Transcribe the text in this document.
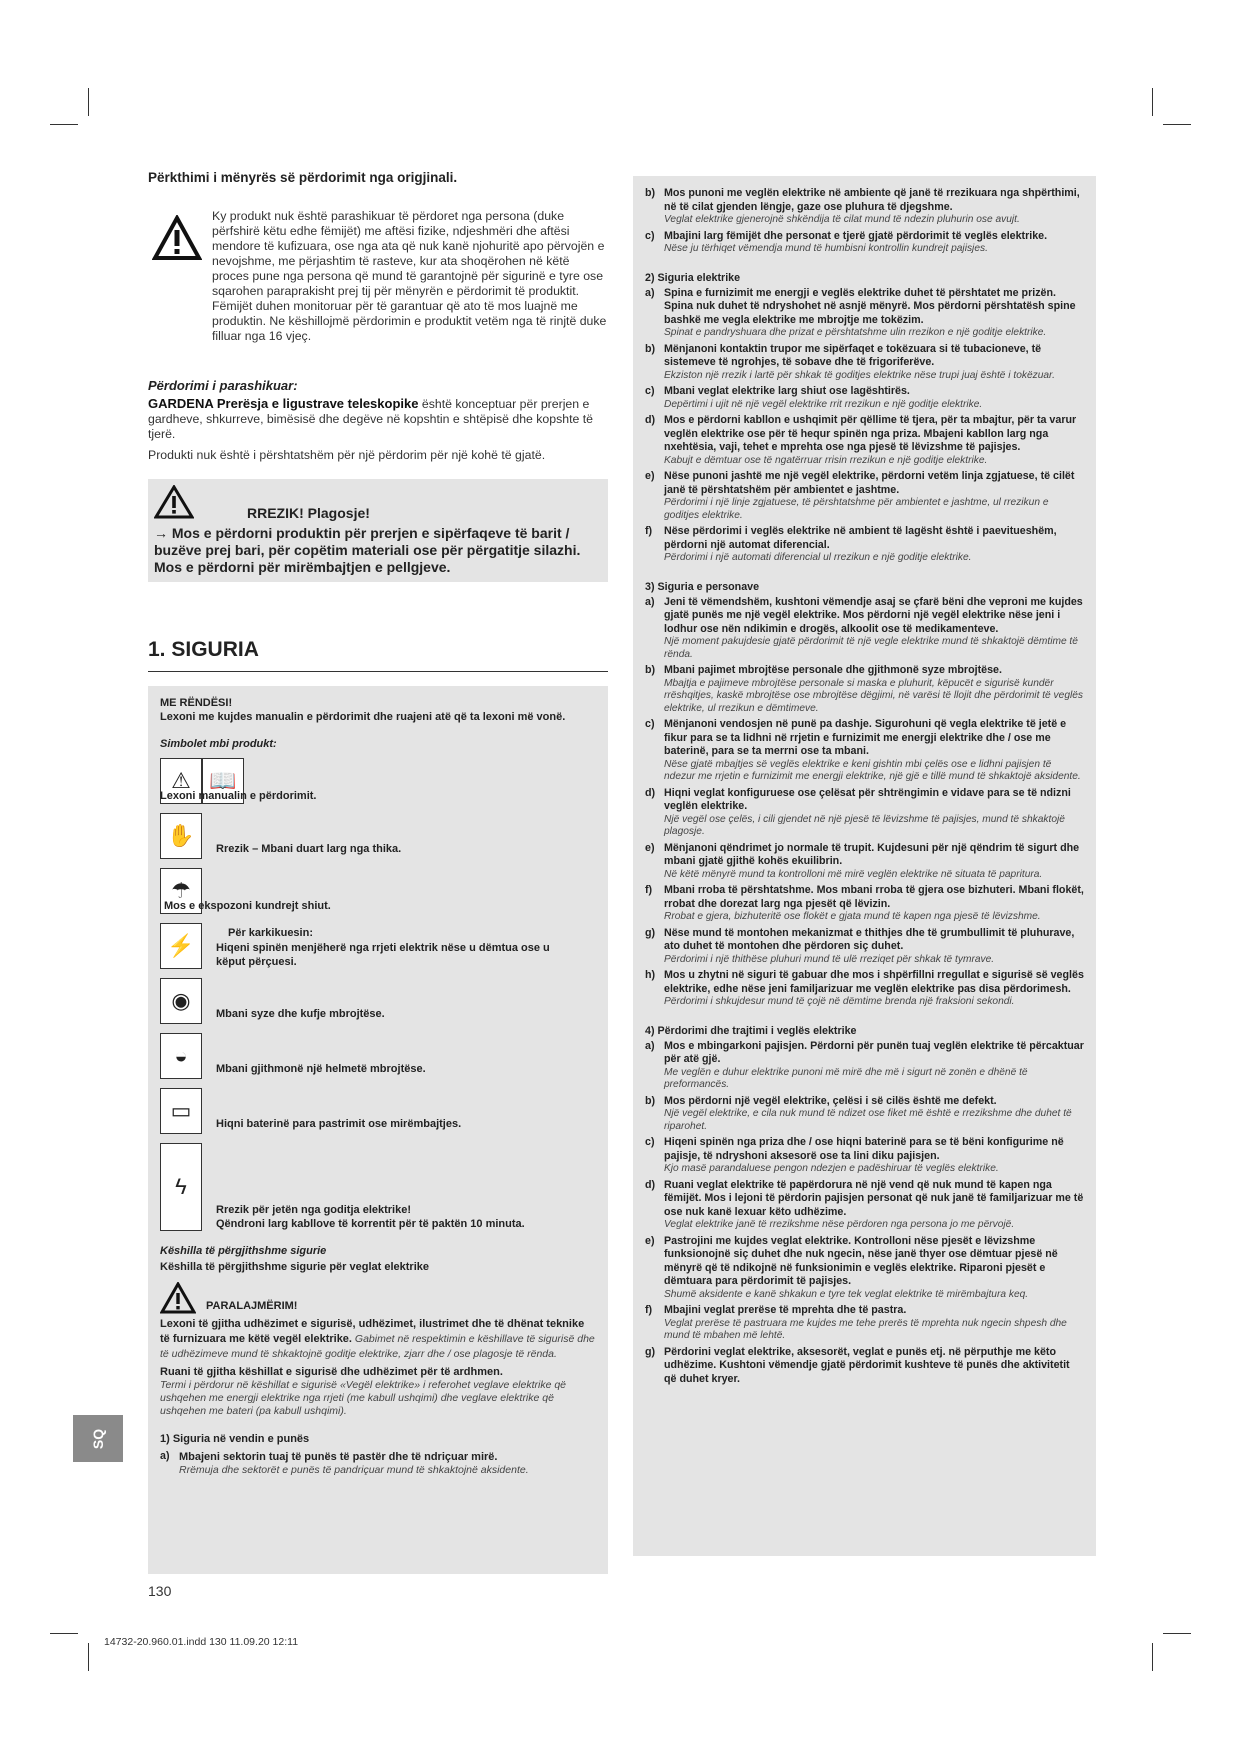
Përkthimi i mënyrës së përdorimit nga origjinali.
Ky produkt nuk është parashikuar të përdoret nga persona (duke përfshirë këtu edhe fëmijët) me aftësi fizike, ndjeshmëri dhe aftësi mendore të kufizuara, ose nga ata që nuk kanë njohuritë apo përvojën e nevojshme, me përjashtim të rasteve, kur ata shoqërohen në këtë proces pune nga persona që mund të garantojnë për sigurinë e tyre ose sqarohen paraprakisht prej tij për mënyrën e përdorimit të produktit. Fëmijët duhen monitoruar për të garantuar që ato të mos luajnë me produktin. Ne këshillojmë përdorimin e produktit vetëm nga të rinjtë duke filluar nga 16 vjeç.
Përdorimi i parashikuar:
GARDENA Prerësja e ligustrave teleskopike është konceptuar për prerjen e gardheve, shkurreve, bimësisë dhe degëve në kopshtin e shtëpisë dhe kopshte të tjerë.
Produkti nuk është i përshtatshëm për një përdorim për një kohë të gjatë.
RREZIK! Plagosje!
→ Mos e përdorni produktin për prerjen e sipërfaqeve të barit / buzëve prej bari, për copëtim materiali ose për përgatitje silazhi. Mos e përdorni për mirëmbajtjen e pellgjeve.
1. SIGURIA
ME RËNDËSI!
Lexoni me kujdes manualin e përdorimit dhe ruajeni atë që ta lexoni më vonë.
Simbolet mbi produkt:
⚠ 📖
Lexoni manualin e përdorimit.
✋
Rrezik – Mbani duart larg nga thika.
☂
Mos e ekspozoni kundrejt shiut.
⚡	Për karkikuesin:
Hiqeni spinën menjëherë nga rrjeti elektrik nëse u dëmtua ose u këput përçuesi.
◉
Mbani syze dhe kufje mbrojtëse.
◒
Mbani gjithmonë një helmetë mbrojtëse.
▭
Hiqni baterinë para pastrimit ose mirëmbajtjes.
ϟ
Rrezik për jetën nga goditja elektrike!
Qëndroni larg kabllove të korrentit për të paktën 10 minuta.
Këshilla të përgjithshme sigurie
Këshilla të përgjithshme sigurie për veglat elektrike
PARALAJMËRIM!
Lexoni të gjitha udhëzimet e sigurisë, udhëzimet, ilustrimet dhe të dhënat teknike të furnizuara me këtë vegël elektrike. Gabimet në respektimin e këshillave të sigurisë dhe të udhëzimeve mund të shkaktojnë goditje elektrike, zjarr dhe / ose plagosje të rënda.
Ruani të gjitha këshillat e sigurisë dhe udhëzimet për të ardhmen.
Termi i përdorur në këshillat e sigurisë «Vegël elektrike» i referohet veglave elektrike që ushqehen me energji elektrike nga rrjeti (me kabull ushqimi) dhe veglave elektrike që ushqehen me bateri (pa kabull ushqimi).
1) Siguria në vendin e punës
a) Mbajeni sektorin tuaj të punës të pastër dhe të ndriçuar mirë.
Rrëmuja dhe sektorët e punës të pandriçuar mund të shkaktojnë aksidente.
b) Mos punoni me veglën elektrike në ambiente që janë të rrezikuara nga shpërthimi, në të cilat gjenden lëngje, gaze ose pluhura të djegshme.
Veglat elektrike gjenerojnë shkëndija të cilat mund të ndezin pluhurin ose avujt.
c) Mbajini larg fëmijët dhe personat e tjerë gjatë përdorimit të veglës elektrike.
Nëse ju tërhiqet vëmendja mund të humbisni kontrollin kundrejt pajisjes.
2) Siguria elektrike
a) Spina e furnizimit me energji e veglës elektrike duhet të përshtatet me prizën. Spina nuk duhet të ndryshohet në asnjë mënyrë. Mos përdorni përshtatësh spine bashkë me vegla elektrike me mbrojtje me tokëzim.
Spinat e pandryshuara dhe prizat e përshtatshme ulin rrezikon e një goditje elektrike.
b) Mënjanoni kontaktin trupor me sipërfaqet e tokëzuara si të tubacioneve, të sistemeve të ngrohjes, të sobave dhe të frigoriferëve.
Ekziston një rrezik i lartë për shkak të goditjes elektrike nëse trupi juaj është i tokëzuar.
c) Mbani veglat elektrike larg shiut ose lagështirës.
Depërtimi i ujit në një vegël elektrike rrit rrezikun e një goditje elektrike.
d) Mos e përdorni kabllon e ushqimit për qëllime të tjera, për ta mbajtur, për ta varur veglën elektrike ose për të hequr spinën nga priza. Mbajeni kabllon larg nga nxehtësia, vaji, tehet e mprehta ose nga pjesë të lëvizshme të pajisjes.
Kabujt e dëmtuar ose të ngatërruar rrisin rrezikun e një goditje elektrike.
e) Nëse punoni jashtë me një vegël elektrike, përdorni vetëm linja zgjatuese, të cilët janë të përshtatshëm për ambientet e jashtme.
Përdorimi i një linje zgjatuese, të përshtatshme për ambientet e jashtme, ul rrezikun e goditjes elektrike.
f) Nëse përdorimi i veglës elektrike në ambient të lagësht është i paevitueshëm, përdorni një automat diferencial.
Përdorimi i një automati diferencial ul rrezikun e një goditje elektrike.
3) Siguria e personave
a) Jeni të vëmendshëm, kushtoni vëmendje asaj se çfarë bëni dhe veproni me kujdes gjatë punës me një vegël elektrike. Mos përdorni një vegël elektrike nëse jeni i lodhur ose nën ndikimin e drogës, alkoolit ose të medikamenteve.
Një moment pakujdesie gjatë përdorimit të një vegle elektrike mund të shkaktojë dëmtime të rënda.
b) Mbani pajimet mbrojtëse personale dhe gjithmonë syze mbrojtëse.
Mbajtja e pajimeve mbrojtëse personale si maska e pluhurit, këpucët e sigurisë kundër rrëshqitjes, kaskë mbrojtëse ose mbrojtëse dëgjimi, në varësi të llojit dhe përdorimit të veglës elektrike, ul rrezikun e dëmtimeve.
c) Mënjanoni vendosjen në punë pa dashje. Sigurohuni që vegla elektrike të jetë e fikur para se ta lidhni në rrjetin e furnizimit me energji elektrike dhe / ose me baterinë, para se ta merrni ose ta mbani.
Nëse gjatë mbajtjes së veglës elektrike e keni gishtin mbi çelës ose e lidhni pajisjen të ndezur me rrjetin e furnizimit me energji elektrike, një gjë e tillë mund të shkaktojë aksidente.
d) Hiqni veglat konfiguruese ose çelësat për shtrëngimin e vidave para se të ndizni veglën elektrike.
Një vegël ose çelës, i cili gjendet në një pjesë të lëvizshme të pajisjes, mund të shkaktojë plagosje.
e) Mënjanoni qëndrimet jo normale të trupit. Kujdesuni për një qëndrim të sigurt dhe mbani gjatë gjithë kohës ekuilibrin.
Në këtë mënyrë mund ta kontrolloni më mirë veglën elektrike në situata të papritura.
f) Mbani rroba të përshtatshme. Mos mbani rroba të gjera ose bizhuteri. Mbani flokët, rrobat dhe dorezat larg nga pjesët që lëvizin.
Rrobat e gjera, bizhuteritë ose flokët e gjata mund të kapen nga pjesë të lëvizshme.
g) Nëse mund të montohen mekanizmat e thithjes dhe të grumbullimit të pluhurave, ato duhet të montohen dhe përdoren siç duhet.
Përdorimi i një thithëse pluhuri mund të ulë rreziqet për shkak të tymrave.
h) Mos u zhytni në siguri të gabuar dhe mos i shpërfillni rregullat e sigurisë së veglës elektrike, edhe nëse jeni familjarizuar me veglën elektrike pas disa përdorimesh.
Përdorimi i shkujdesur mund të çojë në dëmtime brenda një fraksioni sekondi.
4) Përdorimi dhe trajtimi i veglës elektrike
a) Mos e mbingarkoni pajisjen. Përdorni për punën tuaj veglën elektrike të përcaktuar për atë gjë.
Me veglën e duhur elektrike punoni më mirë dhe më i sigurt në zonën e dhënë të preformancës.
b) Mos përdorni një vegël elektrike, çelësi i së cilës është me defekt.
Një vegël elektrike, e cila nuk mund të ndizet ose fiket më është e rrezikshme dhe duhet të riparohet.
c) Hiqeni spinën nga priza dhe / ose hiqni baterinë para se të bëni konfigurime në pajisje, të ndryshoni aksesorë ose ta lini diku pajisjen.
Kjo masë parandaluese pengon ndezjen e padëshiruar të veglës elektrike.
d) Ruani veglat elektrike të papërdorura në një vend që nuk mund të kapen nga fëmijët. Mos i lejoni të përdorin pajisjen personat që nuk janë të familjarizuar me të ose nuk kanë lexuar këto udhëzime.
Veglat elektrike janë të rrezikshme nëse përdoren nga persona jo me përvojë.
e) Pastrojini me kujdes veglat elektrike. Kontrolloni nëse pjesët e lëvizshme funksionojnë siç duhet dhe nuk ngecin, nëse janë thyer ose dëmtuar pjesë në mënyrë që të ndikojnë në funksionimin e veglës elektrike. Riparoni pjesët e dëmtuara para përdorimit të pajisjes.
Shumë aksidente e kanë shkakun e tyre tek veglat elektrike të mirëmbajtura keq.
f) Mbajini veglat prerëse të mprehta dhe të pastra.
Veglat prerëse të pastruara me kujdes me tehe prerës të mprehta nuk ngecin shpesh dhe mund të mbahen më lehtë.
g) Përdorini veglat elektrike, aksesorët, veglat e punës etj. në përputhje me këto udhëzime. Kushtoni vëmendje gjatë përdorimit kushteve të punës dhe aktivitetit që duhet kryer.
SQ
130
14732-20.960.01.indd 130 11.09.20 12:11
